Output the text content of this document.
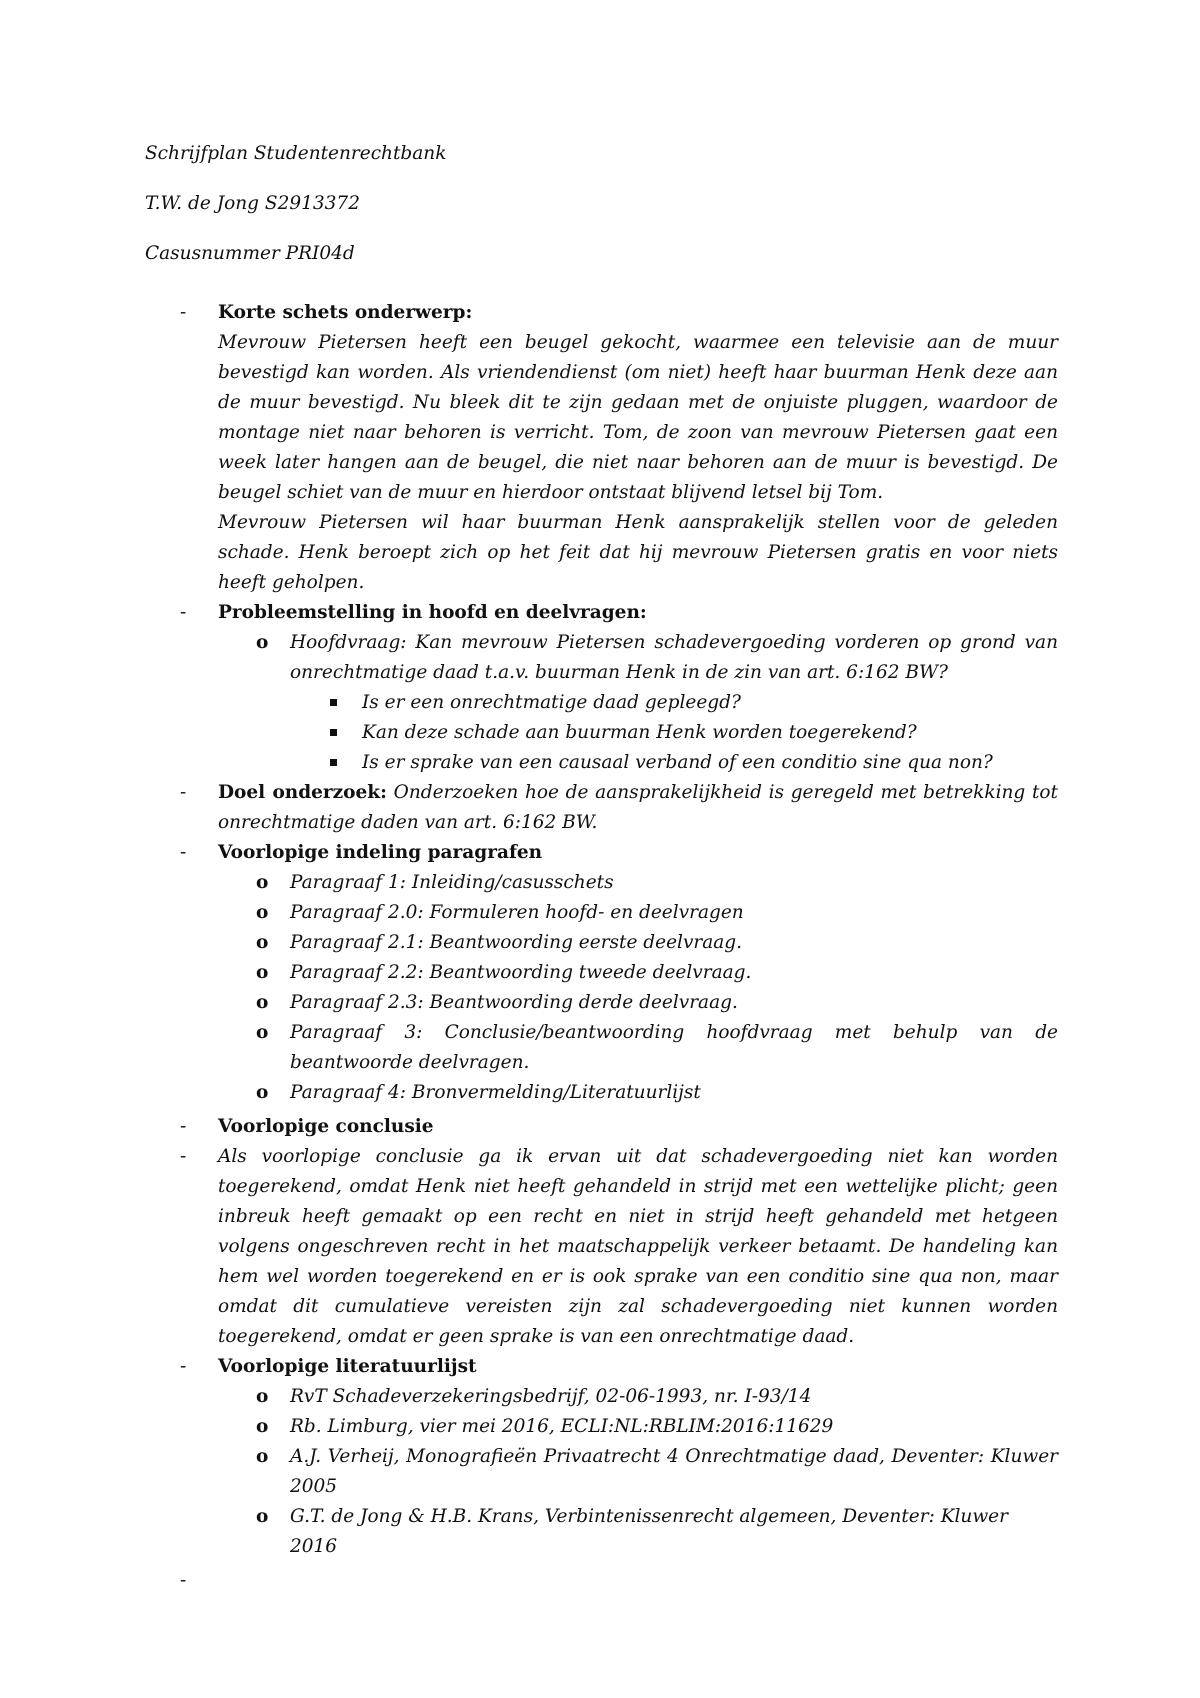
Schrijfplan Studentenrechtbank

T.W. de Jong S2913372

Casusnummer PRI04d

- Korte schets onderwerp:

Mevrouw Pietersen heeft een beugel gekocht, waarmee een televisie aan de muur bevestigd kan worden. Als vriendendienst (om niet) heeft haar buurman Henk deze aan de muur bevestigd. Nu bleek dit te zijn gedaan met de onjuiste pluggen, waardoor de montage niet naar behoren is verricht. Tom, de zoon van mevrouw Pietersen gaat een week later hangen aan de beugel, die niet naar behoren aan de muur is bevestigd. De beugel schiet van de muur en hierdoor ontstaat blijvend letsel bij Tom.

Mevrouw Pietersen wil haar buurman Henk aansprakelijk stellen voor de geleden schade. Henk beroept zich op het feit dat hij mevrouw Pietersen gratis en voor niets heeft geholpen.

- Probleemstelling in hoofd en deelvragen:

o Hoofdvraag: Kan mevrouw Pietersen schadevergoeding vorderen op grond van onrechtmatige daad t.a.v. buurman Henk in de zin van art. 6:162 BW?
Is er een onrechtmatige daad gepleegd?
Kan deze schade aan buurman Henk worden toegerekend?
Is er sprake van een causaal verband of een conditio sine qua non?
- Doel onderzoek: Onderzoeken hoe de aansprakelijkheid is geregeld met betrekking tot onrechtmatige daden van art. 6:162 BW.

- Voorlopige indeling paragrafen

o Paragraaf 1: Inleiding/casusschets
o Paragraaf 2.0: Formuleren hoofd- en deelvragen
o Paragraaf 2.1: Beantwoording eerste deelvraag.
o Paragraaf 2.2: Beantwoording tweede deelvraag.
o Paragraaf 2.3: Beantwoording derde deelvraag.
o Paragraaf 3: Conclusie/beantwoording hoofdvraag met behulp van de beantwoorde deelvragen.
o Paragraaf 4: Bronvermelding/Literatuurlijst
- Voorlopige conclusie

- Als voorlopige conclusie ga ik ervan uit dat schadevergoeding niet kan worden toegerekend, omdat Henk niet heeft gehandeld in strijd met een wettelijke plicht; geen inbreuk heeft gemaakt op een recht en niet in strijd heeft gehandeld met hetgeen volgens ongeschreven recht in het maatschappelijk verkeer betaamt. De handeling kan hem wel worden toegerekend en er is ook sprake van een conditio sine qua non, maar omdat dit cumulatieve vereisten zijn zal schadevergoeding niet kunnen worden toegerekend, omdat er geen sprake is van een onrechtmatige daad.

- Voorlopige literatuurlijst

o RvT Schadeverzekeringsbedrijf, 02-06-1993, nr. I-93/14
o Rb. Limburg, vier mei 2016, ECLI:NL:RBLIM:2016:11629
o A.J. Verheij, Monografieën Privaatrecht 4 Onrechtmatige daad, Deventer: Kluwer 2005
o G.T. de Jong & H.B. Krans, Verbintenissenrecht algemeen, Deventer: Kluwer 2016
-
